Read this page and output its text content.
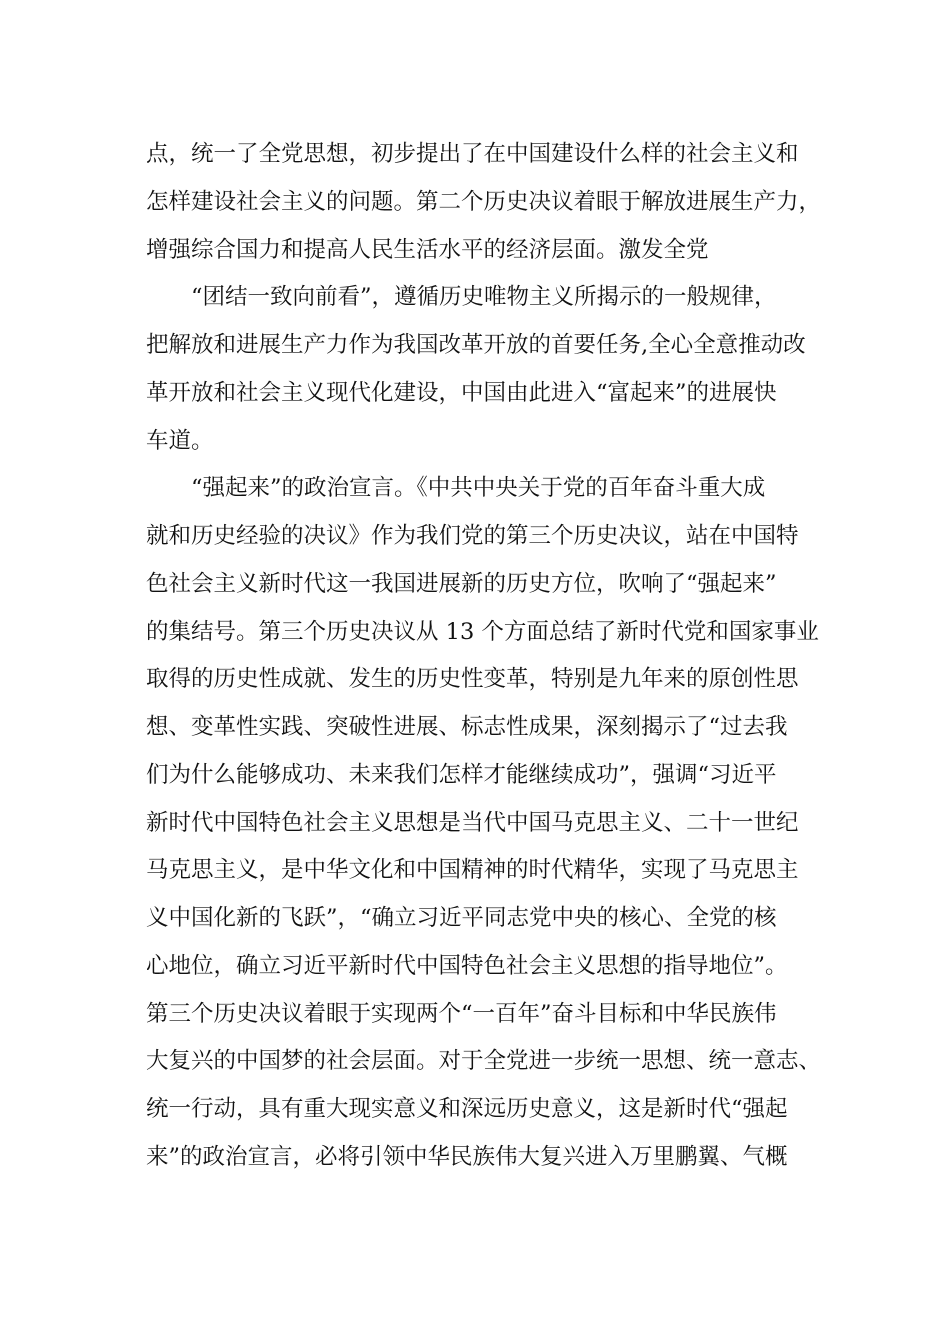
点，统一了全党思想，初步提出了在中国建设什么样的社会主义和
怎样建设社会主义的问题。第二个历史决议着眼于解放进展生产力，
增强综合国力和提高人民生活水平的经济层面。激发全党
“团结一致向前看”，遵循历史唯物主义所揭示的一般规律，
把解放和进展生产力作为我国改革开放的首要任务,全心全意推动改
革开放和社会主义现代化建设，中国由此进入“富起来”的进展快
车道。
“强起来”的政治宣言。《中共中央关于党的百年奋斗重大成
就和历史经验的决议》作为我们党的第三个历史决议，站在中国特
色社会主义新时代这一我国进展新的历史方位，吹响了“强起来”
的集结号。第三个历史决议从 13 个方面总结了新时代党和国家事业
取得的历史性成就、发生的历史性变革，特别是九年来的原创性思
想、变革性实践、突破性进展、标志性成果，深刻揭示了“过去我
们为什么能够成功、未来我们怎样才能继续成功”，强调“习近平
新时代中国特色社会主义思想是当代中国马克思主义、二十一世纪
马克思主义，是中华文化和中国精神的时代精华，实现了马克思主
义中国化新的飞跃”，“确立习近平同志党中央的核心、全党的核
心地位，确立习近平新时代中国特色社会主义思想的指导地位”。
第三个历史决议着眼于实现两个“一百年”奋斗目标和中华民族伟
大复兴的中国梦的社会层面。对于全党进一步统一思想、统一意志、
统一行动，具有重大现实意义和深远历史意义，这是新时代“强起
来”的政治宣言，必将引领中华民族伟大复兴进入万里鹏翼、气概
